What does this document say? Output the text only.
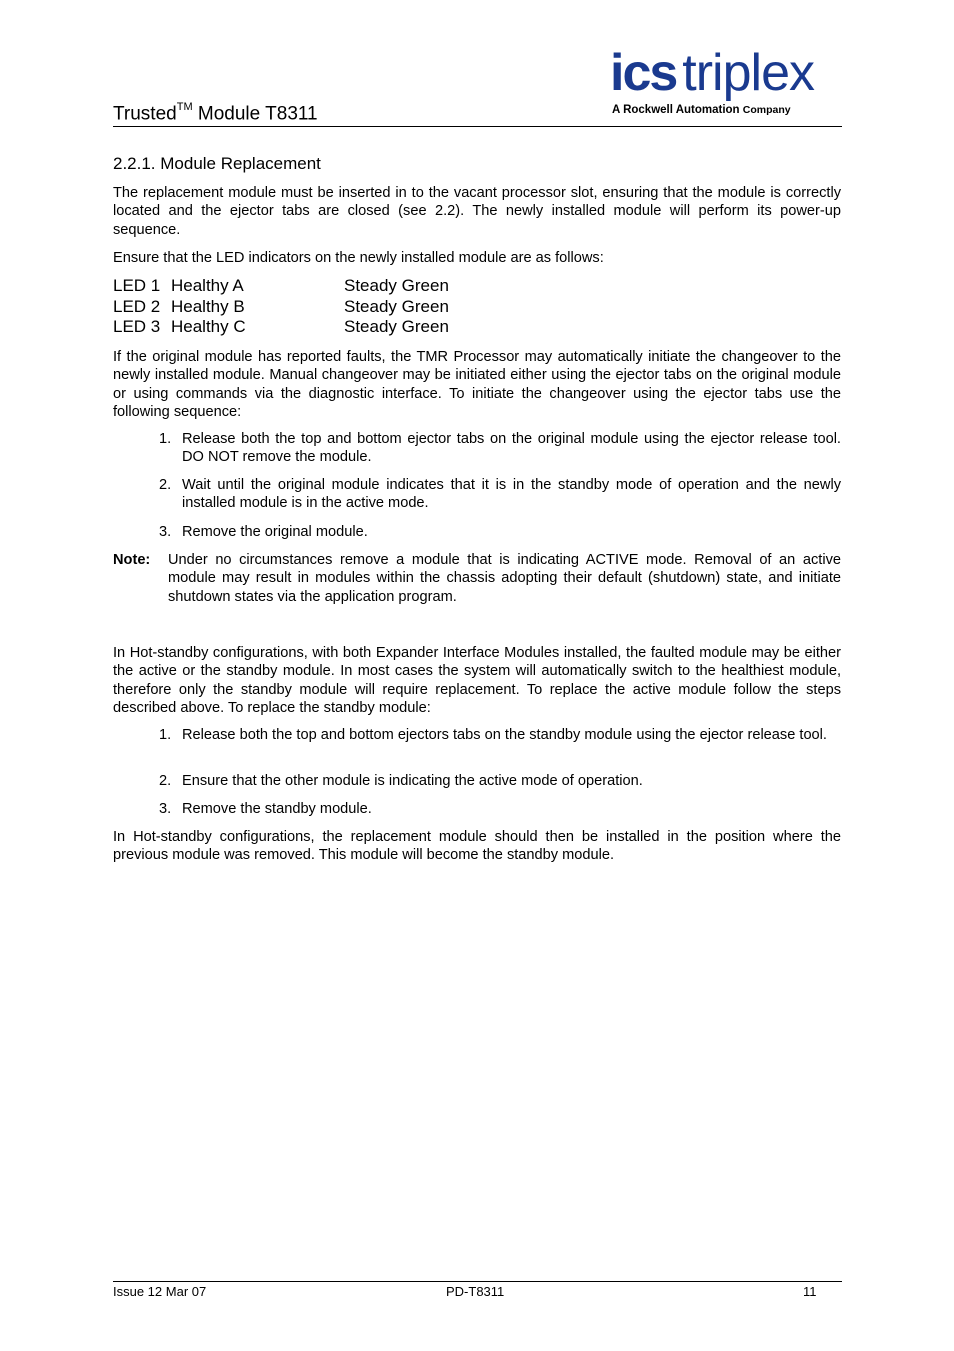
Trusted™ Module T8311
ics triplex
A Rockwell Automation Company
2.2.1. Module Replacement

The replacement module must be inserted in to the vacant processor slot, ensuring that the module is correctly located and the ejector tabs are closed (see 2.2). The newly installed module will perform its power-up sequence.

Ensure that the LED indicators on the newly installed module are as follows:

LED 1 Healthy A	Steady Green
LED 2 Healthy B	Steady Green
LED 3 Healthy C	Steady Green

If the original module has reported faults, the TMR Processor may automatically initiate the changeover to the newly installed module. Manual changeover may be initiated either using the ejector tabs on the original module or using commands via the diagnostic interface. To initiate the changeover using the ejector tabs use the following sequence:

1. Release both the top and bottom ejector tabs on the original module using the ejector release tool. DO NOT remove the module.
2. Wait until the original module indicates that it is in the standby mode of operation and the newly installed module is in the active mode.
3. Remove the original module.
Note: Under no circumstances remove a module that is indicating ACTIVE mode. Removal of an active module may result in modules within the chassis adopting their default (shutdown) state, and initiate shutdown states via the application program.

In Hot-standby configurations, with both Expander Interface Modules installed, the faulted module may be either the active or the standby module. In most cases the system will automatically switch to the healthiest module, therefore only the standby module will require replacement. To replace the active module follow the steps described above. To replace the standby module:

1. Release both the top and bottom ejectors tabs on the standby module using the ejector release tool.
2. Ensure that the other module is indicating the active mode of operation.
3. Remove the standby module.

In Hot-standby configurations, the replacement module should then be installed in the position where the previous module was removed. This module will become the standby module.

Issue 12 Mar 07	PD-T8311	11
